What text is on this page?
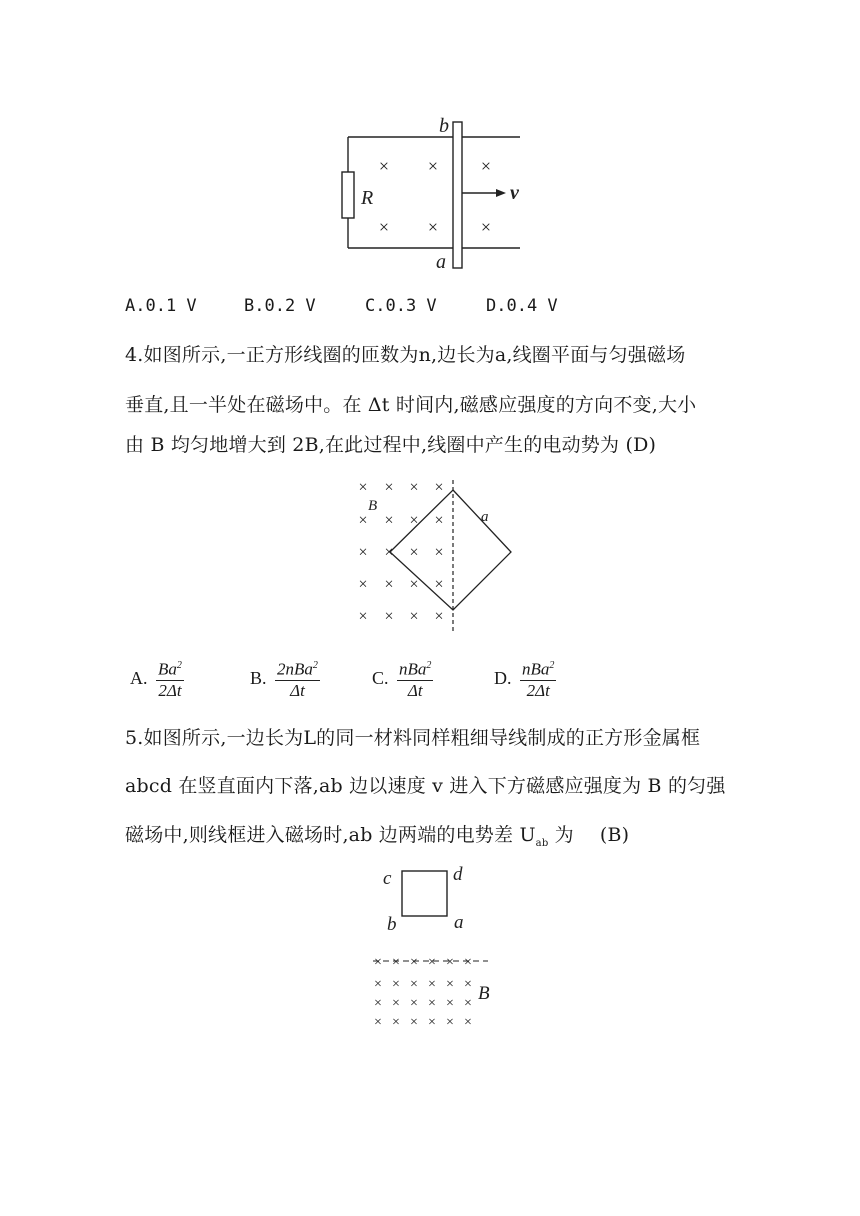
× × ×
× × ×
b
a
R	v
A.0.1 V	B.0.2 V	C.0.3 V	D.0.4 V
4.如图所示,一正方形线圈的匝数为n,边长为a,线圈平面与匀强磁场
垂直,且一半处在磁场中。在 Δt 时间内,磁感应强度的方向不变,大小
由 B 均匀地增大到 2B,在此过程中,线圈中产生的电动势为 (D)
× × × ×
× × ×
×
× × × ×
× × × ×
× × × ×
B
a
A. $\frac{Ba^2}{2\Delta t}$	B. $\frac{2nBa^2}{\Delta t}$	C. $\frac{nBa^2}{\Delta t}$	D. $\frac{nBa^2}{2\Delta t}$
5.如图所示,一边长为L的同一材料同样粗细导线制成的正方形金属框
abcd 在竖直面内下落,ab 边以速度 v 进入下方磁感应强度为 B 的匀强
磁场中,则线框进入磁场时,ab 边两端的电势差 $U_{ab}$ 为 (B)
c	d
b	a
× × × × × ×
× × × × × ×
× × × × × ×
× × × × × ×
B
